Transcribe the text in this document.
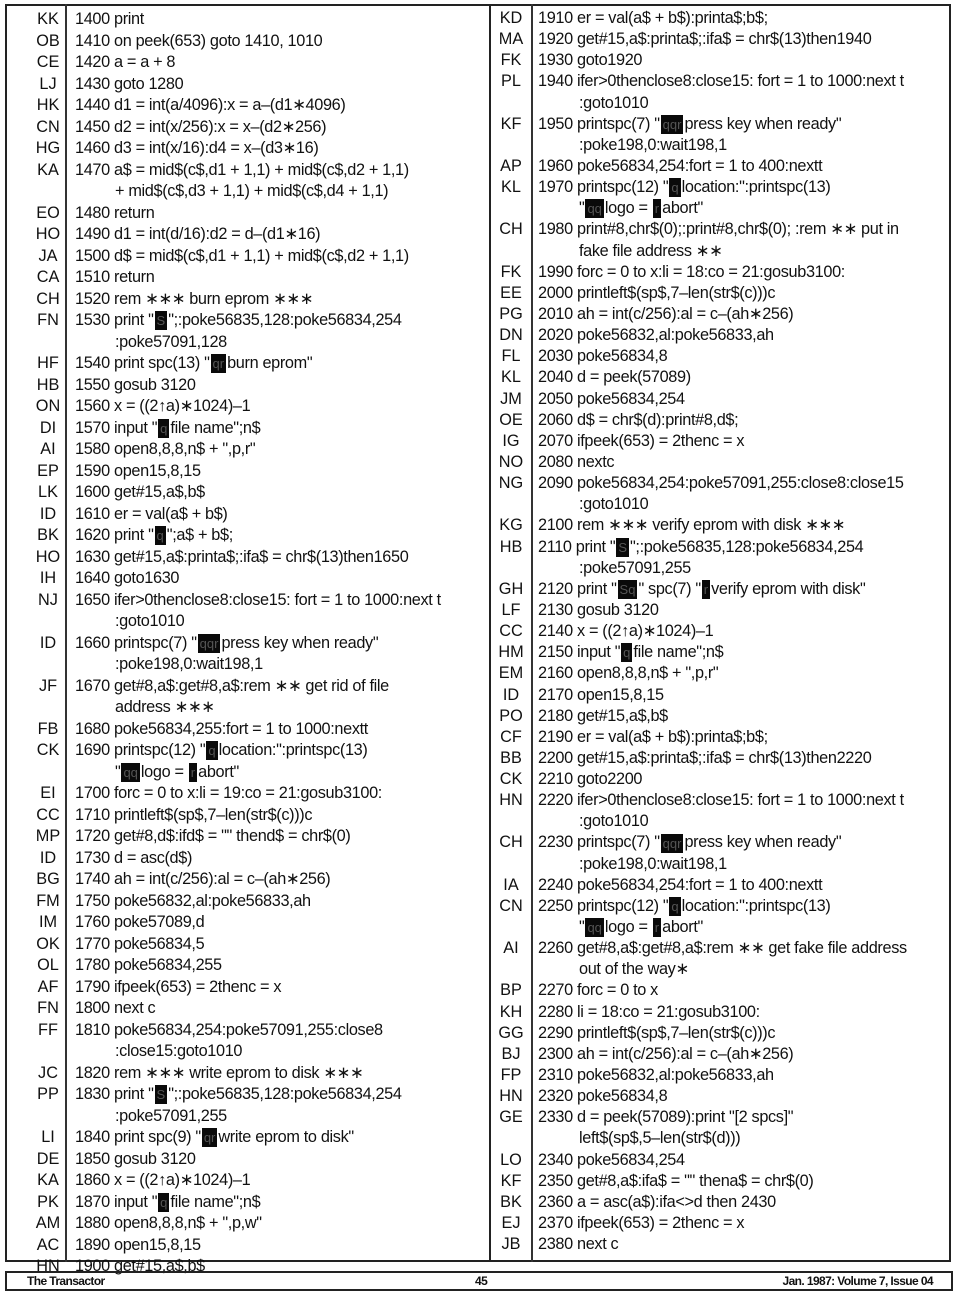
KK 1400 print
OB 1410 on peek(653) goto 1410, 1010
CE 1420 a = a + 8
LJ	1430 goto 1280
HK 1440 d1 = int(a/4096):x = a–(d1∗4096)
CN 1450 d2 = int(x/256):x = x–(d2∗256)
HG 1460 d3 = int(x/16):d4 = x–(d3∗16)
KA 1470 a$ = mid$(c$,d1 + 1,1) + mid$(c$,d2 + 1,1)
+ mid$(c$,d3 + 1,1) + mid$(c$,d4 + 1,1)
EO 1480 return
HO 1490 d1 = int(d/16):d2 = d–(d1∗16)
JA	1500 d$ = mid$(c$,d1 + 1,1) + mid$(c$,d2 + 1,1)
CA 1510 return
CH 1520 rem ∗∗∗ burn eprom ∗∗∗
FN 1530 print " S ";:poke56835,128:poke56834,254
:poke57091,128
HF 1540 print spc(13) " qr burn eprom"
HB 1550 gosub 3120
ON 1560 x = ((2↑a)∗1024)–1
DI	1570 input " q file name";n$
AI	1580 open8,8,8,n$ + ",p,r"
EP 1590 open15,8,15
LK	1600 get#15,a$,b$
ID	1610 er = val(a$ + b$)
BK 1620 print " q ";a$ + b$;
HO 1630 get#15,a$:printa$;:ifa$ = chr$(13)then1650
IH	1640 goto1630
NJ	1650 ifer>0thenclose8:close15: fort = 1 to 1000:next t
:goto1010
ID	1660 printspc(7) " qqr press key when ready"
:poke198,0:wait198,1
JF	1670 get#8,a$:get#8,a$:rem ∗∗ get rid of file
address ∗∗∗
FB	1680 poke56834,255:fort = 1 to 1000:nextt
CK 1690 printspc(12) " q location:":printspc(13)
" qq logo = r abort"
EI	1700 forc = 0 to x:li = 19:co = 21:gosub3100:
CC 1710 printleft$(sp$,7–len(str$(c)))c
MP 1720 get#8,d$:ifd$ = "" thend$ = chr$(0)
ID	1730 d = asc(d$)
BG 1740 ah = int(c/256):al = c–(ah∗256)
FM 1750 poke56832,al:poke56833,ah
IM	1760 poke57089,d
OK 1770 poke56834,5
OL 1780 poke56834,255
AF	1790 ifpeek(653) = 2thenc = x
FN 1800 next c
FF	1810 poke56834,254:poke57091,255:close8
:close15:goto1010
JC	1820 rem ∗∗∗ write eprom to disk ∗∗∗
PP 1830 print " S ";:poke56835,128:poke56834,254
:poke57091,255
LI	1840 print spc(9) " qr write eprom to disk"
DE 1850 gosub 3120
KA 1860 x = ((2↑a)∗1024)–1
PK 1870 input " q file name";n$
AM 1880 open8,8,8,n$ + ",p,w"
AC 1890 open15,8,15
HN 1900 get#15,a$,b$
KD 1910 er = val(a$ + b$):printa$;b$;
MA 1920 get#15,a$:printa$;:ifa$ = chr$(13)then1940
FK	1930 goto1920
PL	1940 ifer>0thenclose8:close15: fort = 1 to 1000:next t
:goto1010
KF	1950 printspc(7) " qqr press key when ready"
:poke198,0:wait198,1
AP 1960 poke56834,254:fort = 1 to 400:nextt
KL	1970 printspc(12) " q location:":printspc(13)
" qq logo = r abort"
CH 1980 print#8,chr$(0);:print#8,chr$(0); :rem ∗∗ put in
fake file address ∗∗
FK	1990 forc = 0 to x:li = 18:co = 21:gosub3100:
EE 2000 printleft$(sp$,7–len(str$(c)))c
PG 2010 ah = int(c/256):al = c–(ah∗256)
DN 2020 poke56832,al:poke56833,ah
FL	2030 poke56834,8
KL	2040 d = peek(57089)
JM 2050 poke56834,254
OE 2060 d$ = chr$(d):print#8,d$;
IG	2070 ifpeek(653) = 2thenc = x
NO 2080 nextc
NG 2090 poke56834,254:poke57091,255:close8:close15
:goto1010
KG 2100 rem ∗∗∗ verify eprom with disk ∗∗∗
HB 2110 print " S ";:poke56835,128:poke56834,254
:poke57091,255
GH 2120 print " Sq " spc(7) " r verify eprom with disk"
LF	2130 gosub 3120
CC 2140 x = ((2↑a)∗1024)–1
HM 2150 input " q file name";n$
EM 2160 open8,8,8,n$ + ",p,r"
ID	2170 open15,8,15
PO 2180 get#15,a$,b$
CF 2190 er = val(a$ + b$):printa$;b$;
BB 2200 get#15,a$:printa$;:ifa$ = chr$(13)then2220
CK 2210 goto2200
HN 2220 ifer>0thenclose8:close15: fort = 1 to 1000:next t
:goto1010
CH 2230 printspc(7) " qqr press key when ready"
:poke198,0:wait198,1
IA	2240 poke56834,254:fort = 1 to 400:nextt
CN 2250 printspc(12) " q location:":printspc(13)
" qq logo = r abort"
AI	2260 get#8,a$:get#8,a$:rem ∗∗ get fake file address
out of the way∗
BP 2270 forc = 0 to x
KH 2280 li = 18:co = 21:gosub3100:
GG 2290 printleft$(sp$,7–len(str$(c)))c
BJ	2300 ah = int(c/256):al = c–(ah∗256)
FP	2310 poke56832,al:poke56833,ah
HN 2320 poke56834,8
GE 2330 d = peek(57089):print "[2 spcs]"
left$(sp$,5–len(str$(d)))
LO 2340 poke56834,254
KF	2350 get#8,a$:ifa$ = "" thena$ = chr$(0)
BK 2360 a = asc(a$):ifa<>d then 2430
EJ	2370 ifpeek(653) = 2thenc = x
JB	2380 next c
The Transactor	45	Jan. 1987: Volume 7, Issue 04
